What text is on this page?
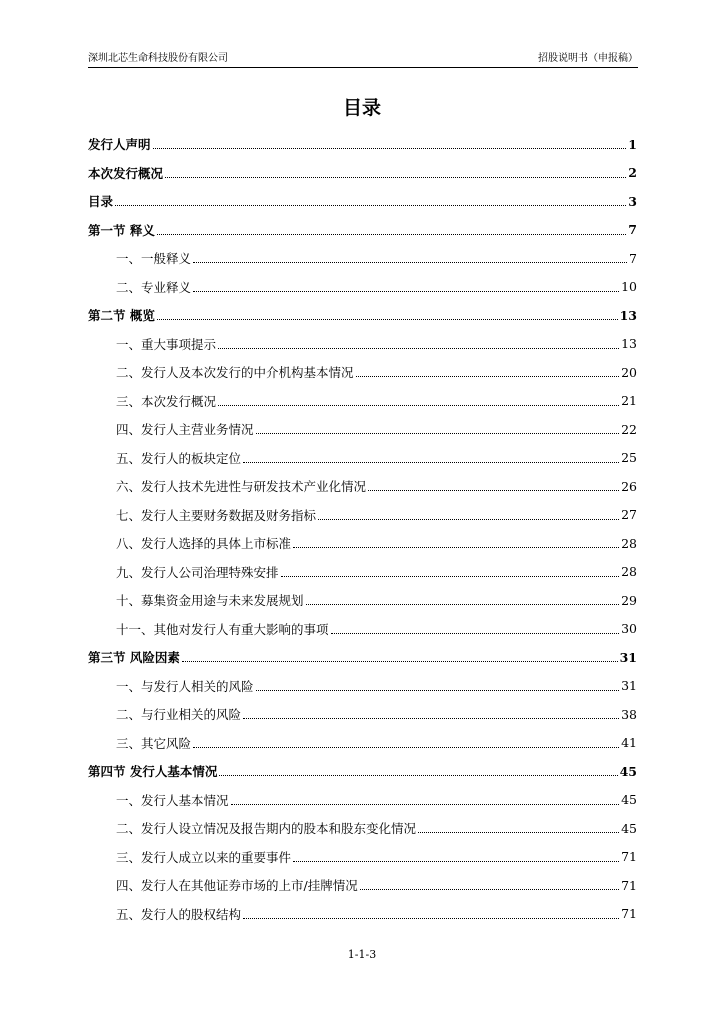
深圳北芯生命科技股份有限公司	招股说明书（申报稿）
目录
发行人声明	1
本次发行概况	2
目录	3
第一节 释义	7
一、一般释义	7
二、专业释义	10
第二节 概览	13
一、重大事项提示	13
二、发行人及本次发行的中介机构基本情况	20
三、本次发行概况	21
四、发行人主营业务情况	22
五、发行人的板块定位	25
六、发行人技术先进性与研发技术产业化情况	26
七、发行人主要财务数据及财务指标	27
八、发行人选择的具体上市标准	28
九、发行人公司治理特殊安排	28
十、募集资金用途与未来发展规划	29
十一、其他对发行人有重大影响的事项	30
第三节 风险因素	31
一、与发行人相关的风险	31
二、与行业相关的风险	38
三、其它风险	41
第四节 发行人基本情况	45
一、发行人基本情况	45
二、发行人设立情况及报告期内的股本和股东变化情况	45
三、发行人成立以来的重要事件	71
四、发行人在其他证券市场的上市/挂牌情况	71
五、发行人的股权结构	71
1-1-3
